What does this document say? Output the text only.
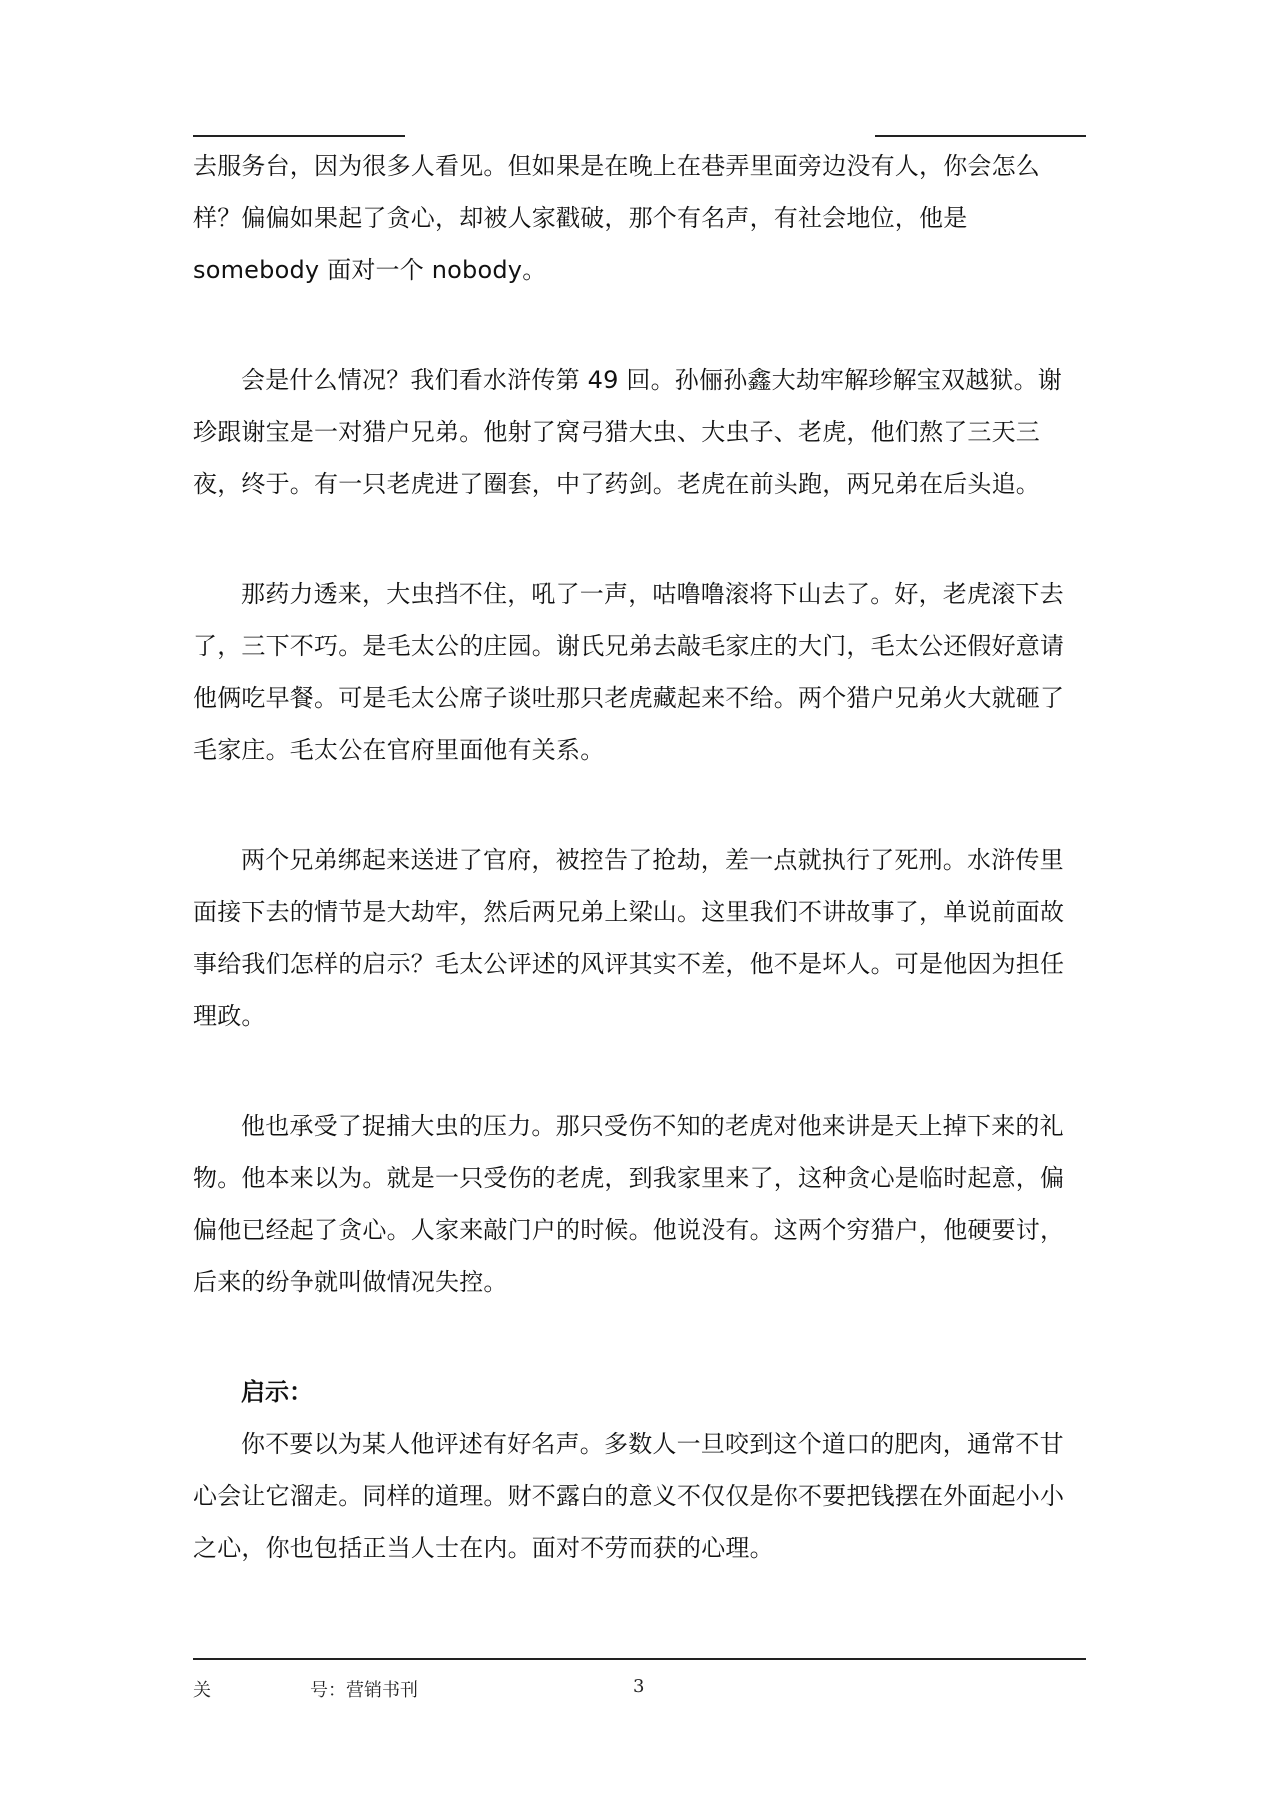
去服务台，因为很多人看见。但如果是在晚上在巷弄里面旁边没有人，你会怎么样？偏偏如果起了贪心，却被人家戳破，那个有名声，有社会地位，他是somebody 面对一个 nobody。

会是什么情况？我们看水浒传第 49 回。孙俪孙鑫大劫牢解珍解宝双越狱。谢珍跟谢宝是一对猎户兄弟。他射了窝弓猎大虫、大虫子、老虎，他们熬了三天三夜，终于。有一只老虎进了圈套，中了药剑。老虎在前头跑，两兄弟在后头追。

那药力透来，大虫挡不住，吼了一声，咕噜噜滚将下山去了。好，老虎滚下去了，三下不巧。是毛太公的庄园。谢氏兄弟去敲毛家庄的大门，毛太公还假好意请他俩吃早餐。可是毛太公席子谈吐那只老虎藏起来不给。两个猎户兄弟火大就砸了毛家庄。毛太公在官府里面他有关系。

两个兄弟绑起来送进了官府，被控告了抢劫，差一点就执行了死刑。水浒传里面接下去的情节是大劫牢，然后两兄弟上梁山。这里我们不讲故事了，单说前面故事给我们怎样的启示？毛太公评述的风评其实不差，他不是坏人。可是他因为担任理政。

他也承受了捉捕大虫的压力。那只受伤不知的老虎对他来讲是天上掉下来的礼物。他本来以为。就是一只受伤的老虎，到我家里来了，这种贪心是临时起意，偏偏他已经起了贪心。人家来敲门户的时候。他说没有。这两个穷猎户，他硬要讨，后来的纷争就叫做情况失控。

启示：

你不要以为某人他评述有好名声。多数人一旦咬到这个道口的肥肉，通常不甘心会让它溜走。同样的道理。财不露白的意义不仅仅是你不要把钱摆在外面起小小之心，你也包括正当人士在内。面对不劳而获的心理。

关	号：营销书刊	3
